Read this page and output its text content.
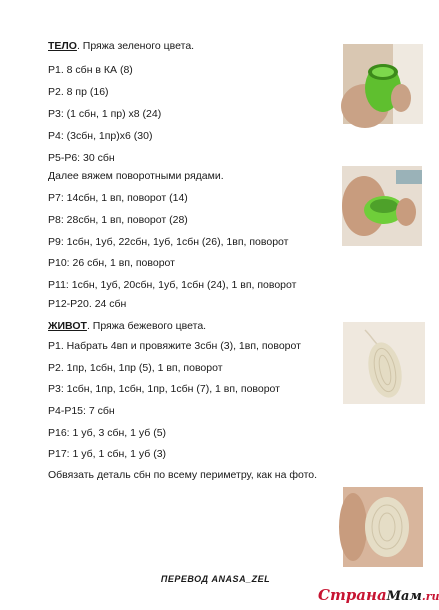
ТЕЛО. Пряжа зеленого цвета.
Р1. 8 сбн в КА (8)
Р2. 8 пр (16)
Р3: (1 сбн, 1 пр) х8 (24)
Р4: (3сбн, 1пр)х6 (30)
Р5-Р6: 30 сбн
Далее вяжем поворотными рядами.
Р7: 14сбн, 1 вп, поворот (14)
Р8: 28сбн, 1 вп, поворот (28)
Р9: 1сбн, 1уб, 22сбн, 1уб, 1сбн (26), 1вп, поворот
Р10: 26 сбн, 1 вп, поворот
Р11: 1сбн, 1уб, 20сбн, 1уб, 1сбн (24), 1 вп, поворот
Р12-Р20. 24 сбн
ЖИВОТ. Пряжа бежевого цвета.
Р1. Набрать 4вп и провяжите 3сбн (3), 1вп, поворот
Р2. 1пр, 1сбн, 1пр (5), 1 вп, поворот
Р3: 1сбн, 1пр, 1сбн, 1пр, 1сбн (7), 1 вп, поворот
Р4-Р15: 7 сбн
Р16: 1 уб, 3 сбн, 1 уб (5)
Р17: 1 уб, 1 сбн, 1 уб (3)
Обвязать деталь сбн по всему периметру, как на фото.
ПЕРЕВОД ANASA_ZEL
СтранаМам.ru
